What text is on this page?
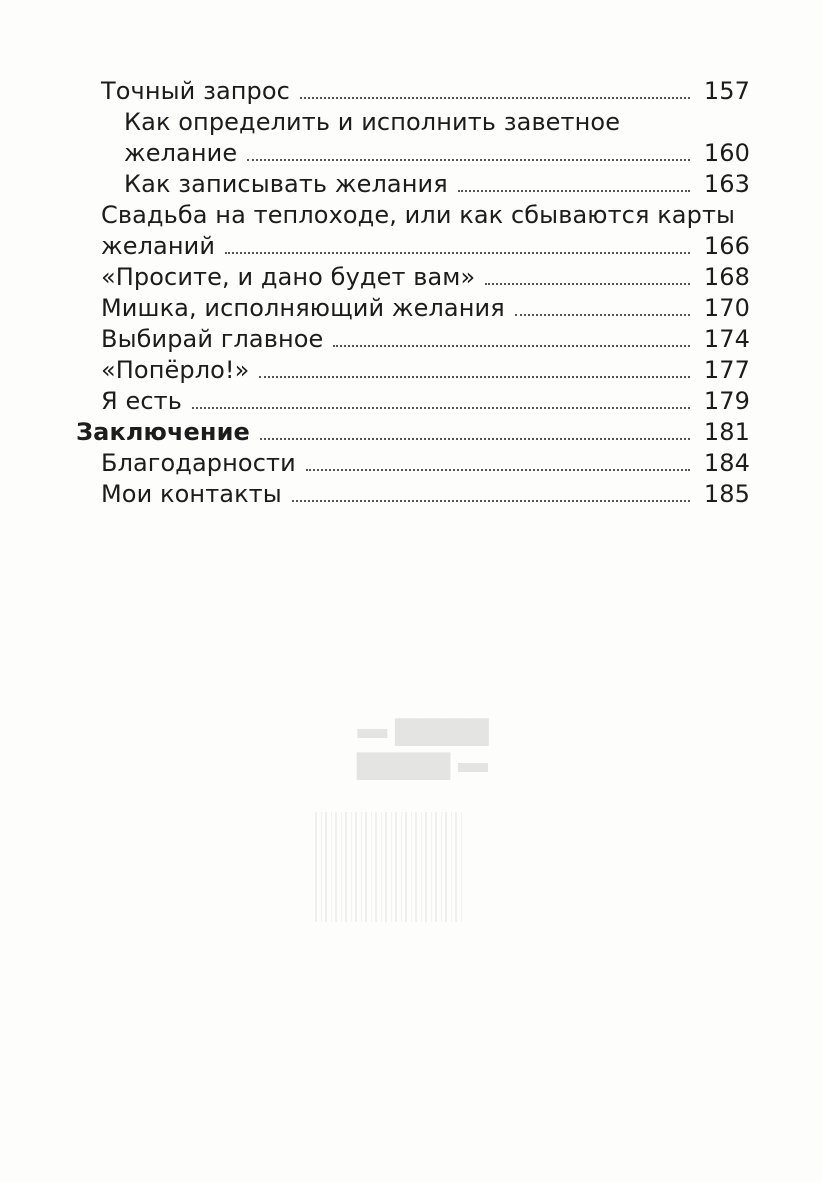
▆▆▆▆ ▬
▬ ▆▆▆▆
Точный запрос	157
Как определить и исполнить заветное
желание	160
Как записывать желания	163
Свадьба на теплоходе, или как сбываются карты
желаний	166
«Просите, и дано будет вам»	168
Мишка, исполняющий желания	170
Выбирай главное	174
«Попёрло!»	177
Я есть	179
Заключение	181
Благодарности	184
Мои контакты	185
